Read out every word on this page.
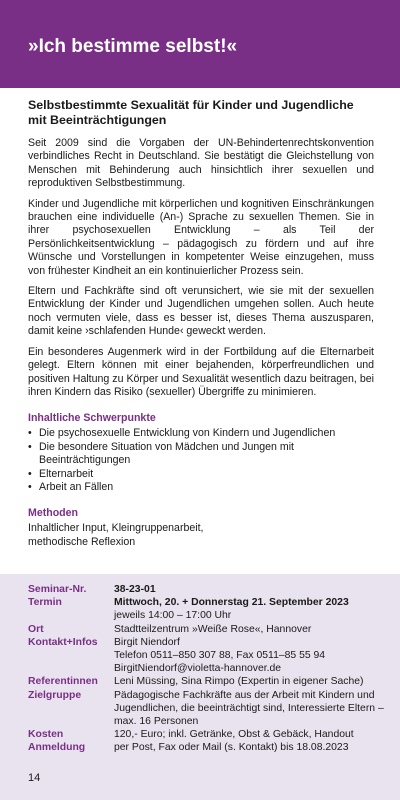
»Ich bestimme selbst!«
Selbstbestimmte Sexualität für Kinder und Jugendliche mit Beeinträchtigungen

Seit 2009 sind die Vorgaben der UN-Behindertenrechtskonvention verbindliches Recht in Deutschland. Sie bestätigt die Gleichstellung von Menschen mit Behinderung auch hinsichtlich ihrer sexuellen und reproduktiven Selbstbestimmung.

Kinder und Jugendliche mit körperlichen und kognitiven Einschränkungen brauchen eine individuelle (An-) Sprache zu sexuellen Themen. Sie in ihrer psychosexuellen Entwicklung – als Teil der Persönlichkeitsentwicklung – pädagogisch zu fördern und auf ihre Wünsche und Vorstellungen in kompetenter Weise einzugehen, muss von frühester Kindheit an ein kontinuierlicher Prozess sein.

Eltern und Fachkräfte sind oft verunsichert, wie sie mit der sexuellen Entwicklung der Kinder und Jugendlichen umgehen sollen. Auch heute noch vermuten viele, dass es besser ist, dieses Thema auszusparen, damit keine ›schlafenden Hunde‹ geweckt werden.

Ein besonderes Augenmerk wird in der Fortbildung auf die Elternarbeit gelegt. Eltern können mit einer bejahenden, körperfreundlichen und positiven Haltung zu Körper und Sexualität wesentlich dazu beitragen, bei ihren Kindern das Risiko (sexueller) Übergriffe zu minimieren.

Inhaltliche Schwerpunkte
• Die psychosexuelle Entwicklung von Kindern und Jugendlichen
• Die besondere Situation von Mädchen und Jungen mit Beeinträchtigungen
• Elternarbeit
• Arbeit an Fällen
Methoden
Inhaltlicher Input, Kleingruppenarbeit,
methodische Reflexion
Seminar-Nr.	38-23-01
Termin	Mittwoch, 20. + Donnerstag 21. September 2023
jeweils 14:00 – 17:00 Uhr
Ort	Stadtteilzentrum »Weiße Rose«, Hannover
Kontakt+Infos	Birgit Niendorf
Telefon 0511–850 307 88, Fax 0511–85 55 94
BirgitNiendorf@violetta-hannover.de
Referentinnen	Leni Müssing, Sina Rimpo (Expertin in eigener Sache)
Zielgruppe	Pädagogische Fachkräfte aus der Arbeit mit Kindern und Jugendlichen, die beeinträchtigt sind, Interessierte Eltern – max. 16 Personen
Kosten	120,- Euro; inkl. Getränke, Obst & Gebäck, Handout
Anmeldung	per Post, Fax oder Mail (s. Kontakt) bis 18.08.2023
14
